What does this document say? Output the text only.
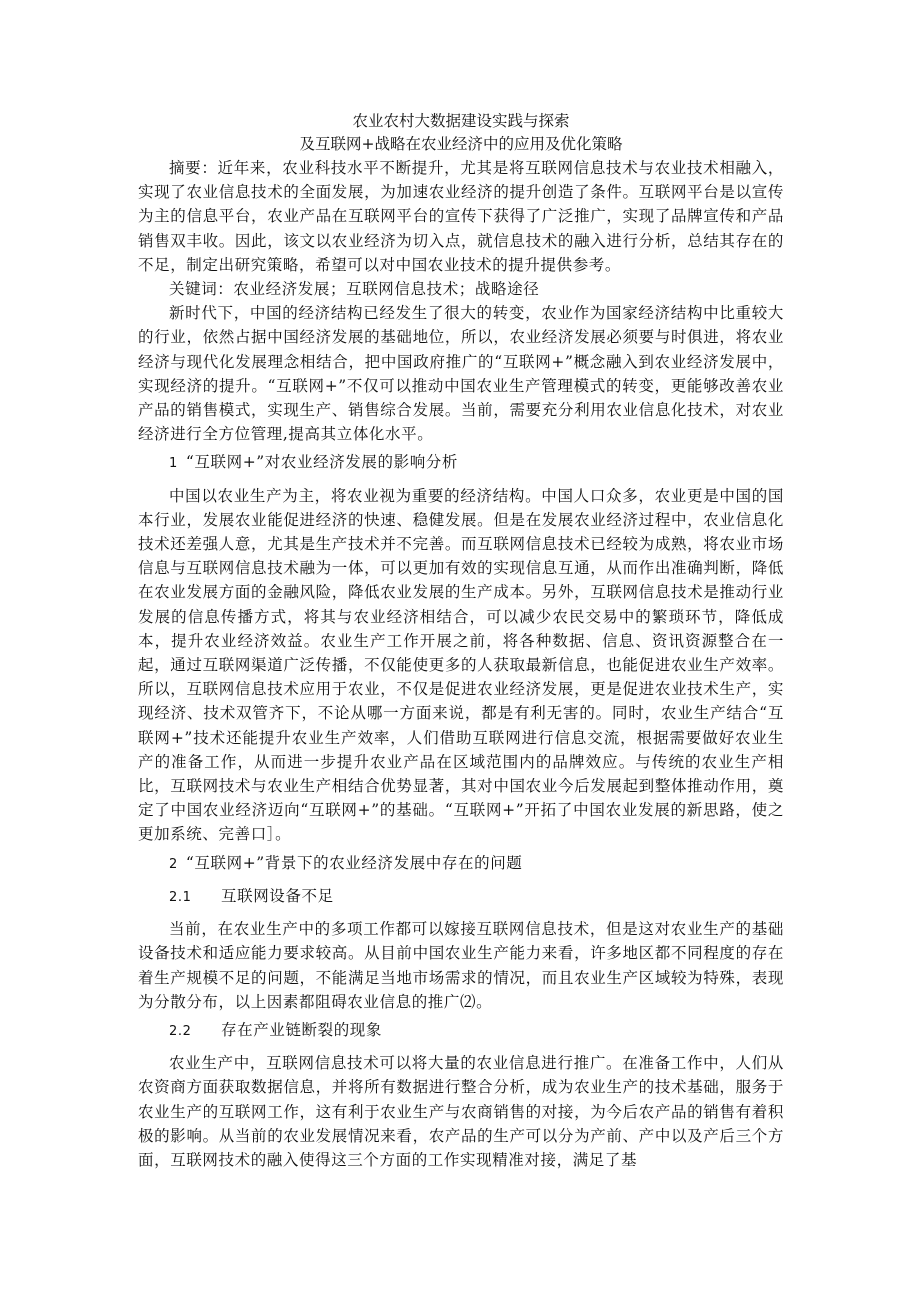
农业农村大数据建设实践与探索

及互联网+战略在农业经济中的应用及优化策略

摘要：近年来，农业科技水平不断提升，尤其是将互联网信息技术与农业技术相融入，实现了农业信息技术的全面发展，为加速农业经济的提升创造了条件。互联网平台是以宣传为主的信息平台，农业产品在互联网平台的宣传下获得了广泛推广，实现了品牌宣传和产品销售双丰收。因此，该文以农业经济为切入点，就信息技术的融入进行分析，总结其存在的不足，制定出研究策略，希望可以对中国农业技术的提升提供参考。

关键词：农业经济发展；互联网信息技术；战略途径

新时代下，中国的经济结构已经发生了很大的转变，农业作为国家经济结构中比重较大的行业，依然占据中国经济发展的基础地位，所以，农业经济发展必须要与时俱进，将农业经济与现代化发展理念相结合，把中国政府推广的“互联网+”概念融入到农业经济发展中，实现经济的提升。“互联网+”不仅可以推动中国农业生产管理模式的转变，更能够改善农业产品的销售模式，实现生产、销售综合发展。当前，需要充分利用农业信息化技术，对农业经济进行全方位管理,提高其立体化水平。

1 “互联网+”对农业经济发展的影响分析

中国以农业生产为主，将农业视为重要的经济结构。中国人口众多，农业更是中国的国本行业，发展农业能促进经济的快速、稳健发展。但是在发展农业经济过程中，农业信息化技术还差强人意，尤其是生产技术并不完善。而互联网信息技术已经较为成熟，将农业市场信息与互联网信息技术融为一体，可以更加有效的实现信息互通，从而作出准确判断，降低在农业发展方面的金融风险，降低农业发展的生产成本。另外，互联网信息技术是推动行业发展的信息传播方式，将其与农业经济相结合，可以减少农民交易中的繁琐环节，降低成本，提升农业经济效益。农业生产工作开展之前，将各种数据、信息、资讯资源整合在一起，通过互联网渠道广泛传播，不仅能使更多的人获取最新信息，也能促进农业生产效率。所以，互联网信息技术应用于农业，不仅是促进农业经济发展，更是促进农业技术生产，实现经济、技术双管齐下，不论从哪一方面来说，都是有利无害的。同时，农业生产结合“互联网+”技术还能提升农业生产效率，人们借助互联网进行信息交流，根据需要做好农业生产的准备工作，从而进一步提升农业产品在区域范围内的品牌效应。与传统的农业生产相比，互联网技术与农业生产相结合优势显著，其对中国农业今后发展起到整体推动作用，奠定了中国农业经济迈向“互联网+”的基础。“互联网+”开拓了中国农业发展的新思路，使之更加系统、完善口］。

2 “互联网+”背景下的农业经济发展中存在的问题
2.1 互联网设备不足

当前，在农业生产中的多项工作都可以嫁接互联网信息技术，但是这对农业生产的基础设备技术和适应能力要求较高。从目前中国农业生产能力来看，许多地区都不同程度的存在着生产规模不足的问题，不能满足当地市场需求的情况，而且农业生产区域较为特殊，表现为分散分布，以上因素都阻碍农业信息的推广⑵。

2.2 存在产业链断裂的现象

农业生产中，互联网信息技术可以将大量的农业信息进行推广。在准备工作中，人们从农资商方面获取数据信息，并将所有数据进行整合分析，成为农业生产的技术基础，服务于农业生产的互联网工作，这有利于农业生产与农商销售的对接，为今后农产品的销售有着积极的影响。从当前的农业发展情况来看，农产品的生产可以分为产前、产中以及产后三个方面，互联网技术的融入使得这三个方面的工作实现精准对接，满足了基
